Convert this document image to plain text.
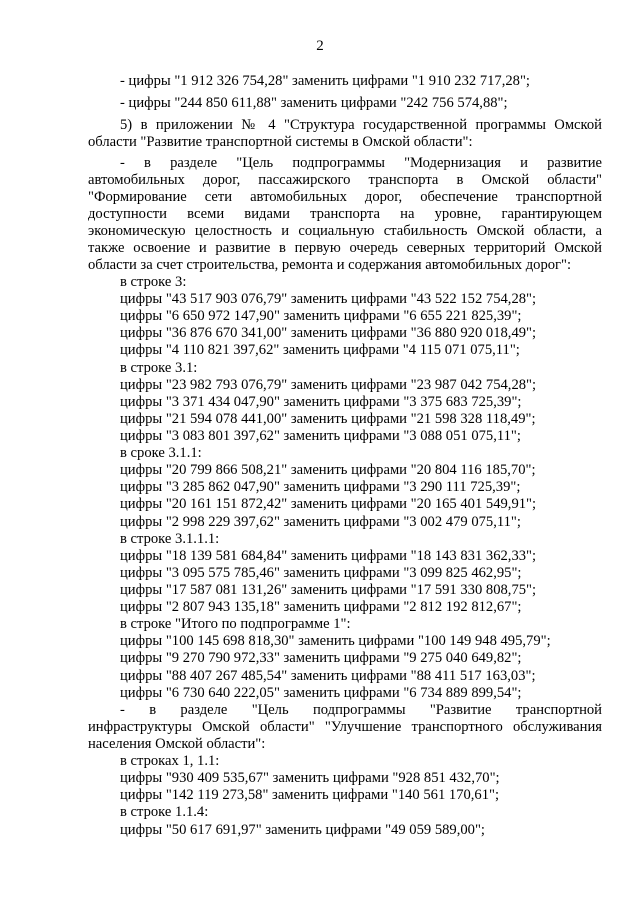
2
- цифры "1 912 326 754,28" заменить цифрами "1 910 232 717,28";
- цифры "244 850 611,88" заменить цифрами "242 756 574,88";
5) в приложении № 4 "Структура государственной программы Омской
области "Развитие транспортной системы в Омской области":
- в разделе "Цель подпрограммы "Модернизация и развитие
автомобильных дорог, пассажирского транспорта в Омской области"
"Формирование сети автомобильных дорог, обеспечение транспортной
доступности всеми видами транспорта на уровне, гарантирующем
экономическую целостность и социальную стабильность Омской области, а
также освоение и развитие в первую очередь северных территорий Омской
области за счет строительства, ремонта и содержания автомобильных дорог":
в строке 3:
цифры "43 517 903 076,79" заменить цифрами "43 522 152 754,28";
цифры "6 650 972 147,90" заменить цифрами "6 655 221 825,39";
цифры "36 876 670 341,00" заменить цифрами "36 880 920 018,49";
цифры "4 110 821 397,62" заменить цифрами "4 115 071 075,11";
в строке 3.1:
цифры "23 982 793 076,79" заменить цифрами "23 987 042 754,28";
цифры "3 371 434 047,90" заменить цифрами "3 375 683 725,39";
цифры "21 594 078 441,00" заменить цифрами "21 598 328 118,49";
цифры "3 083 801 397,62" заменить цифрами "3 088 051 075,11";
в сроке 3.1.1:
цифры "20 799 866 508,21" заменить цифрами "20 804 116 185,70";
цифры "3 285 862 047,90" заменить цифрами "3 290 111 725,39";
цифры "20 161 151 872,42" заменить цифрами "20 165 401 549,91";
цифры "2 998 229 397,62" заменить цифрами "3 002 479 075,11";
в строке 3.1.1.1:
цифры "18 139 581 684,84" заменить цифрами "18 143 831 362,33";
цифры "3 095 575 785,46" заменить цифрами "3 099 825 462,95";
цифры "17 587 081 131,26" заменить цифрами "17 591 330 808,75";
цифры "2 807 943 135,18" заменить цифрами "2 812 192 812,67";
в строке "Итого по подпрограмме 1":
цифры "100 145 698 818,30" заменить цифрами "100 149 948 495,79";
цифры "9 270 790 972,33" заменить цифрами "9 275 040 649,82";
цифры "88 407 267 485,54" заменить цифрами "88 411 517 163,03";
цифры "6 730 640 222,05" заменить цифрами "6 734 889 899,54";
- в разделе "Цель подпрограммы "Развитие транспортной
инфраструктуры Омской области" "Улучшение транспортного обслуживания
населения Омской области":
в строках 1, 1.1:
цифры "930 409 535,67" заменить цифрами "928 851 432,70";
цифры "142 119 273,58" заменить цифрами "140 561 170,61";
в строке 1.1.4:
цифры "50 617 691,97" заменить цифрами "49 059 589,00";
